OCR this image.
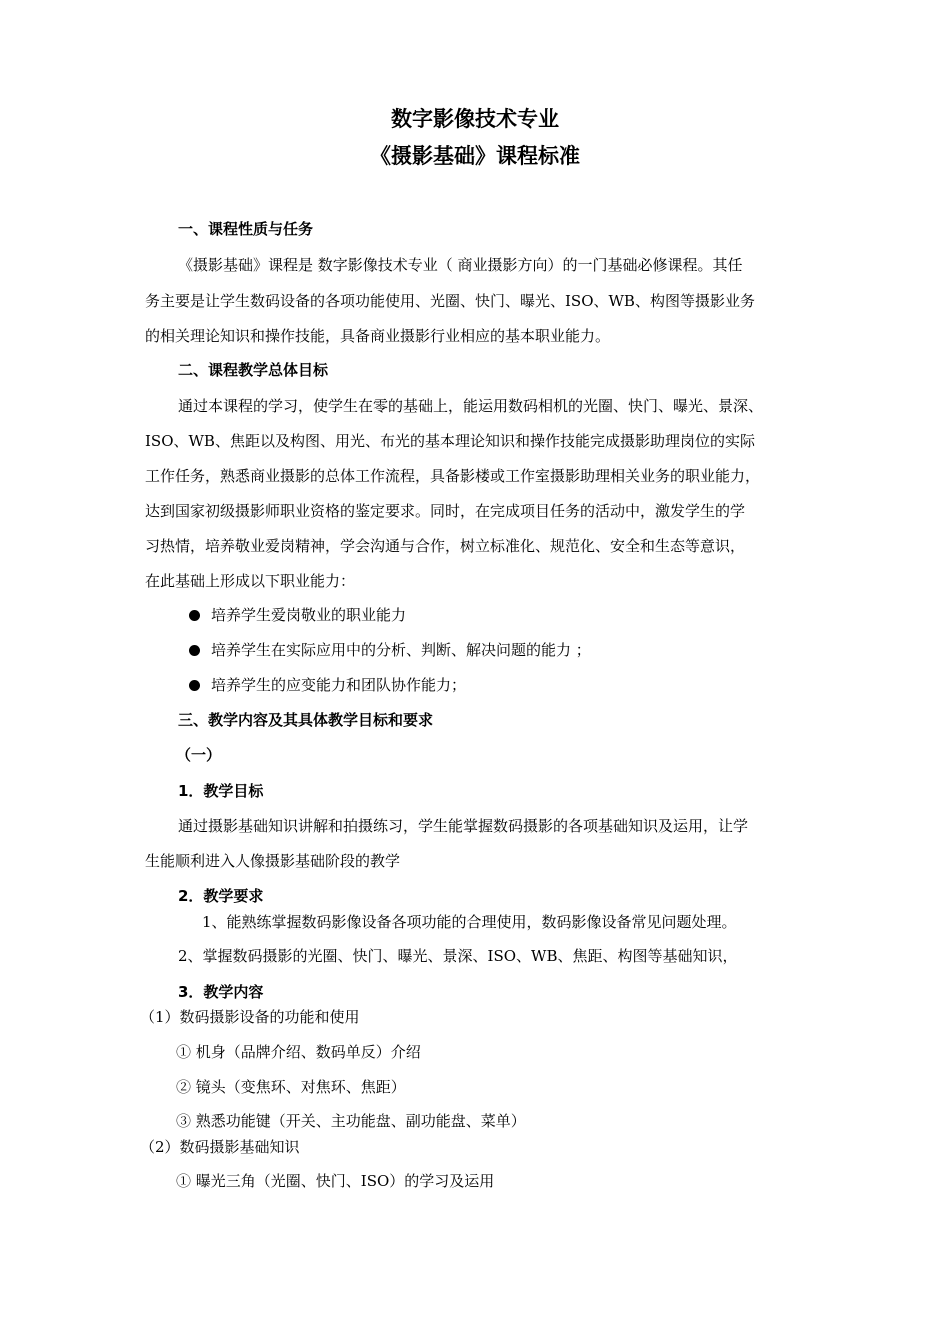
数字影像技术专业
《摄影基础》课程标准
一、课程性质与任务
《摄影基础》课程是 数字影像技术专业（ 商业摄影方向）的一门基础必修课程。其任
务主要是让学生数码设备的各项功能使用、光圈、快门、曝光、ISO、WB、构图等摄影业务
的相关理论知识和操作技能，具备商业摄影行业相应的基本职业能力。
二、课程教学总体目标
通过本课程的学习，使学生在零的基础上，能运用数码相机的光圈、快门、曝光、景深、
ISO、WB、焦距以及构图、用光、布光的基本理论知识和操作技能完成摄影助理岗位的实际
工作任务，熟悉商业摄影的总体工作流程，具备影楼或工作室摄影助理相关业务的职业能力，
达到国家初级摄影师职业资格的鉴定要求。同时，在完成项目任务的活动中，激发学生的学
习热情，培养敬业爱岗精神，学会沟通与合作，树立标准化、规范化、安全和生态等意识，
在此基础上形成以下职业能力：
培养学生爱岗敬业的职业能力
培养学生在实际应用中的分析、判断、解决问题的能力 ；
培养学生的应变能力和团队协作能力；
三、教学内容及其具体教学目标和要求
（一）
1．教学目标
通过摄影基础知识讲解和拍摄练习，学生能掌握数码摄影的各项基础知识及运用，让学
生能顺利进入人像摄影基础阶段的教学
2．教学要求
1、能熟练掌握数码影像设备各项功能的合理使用，数码影像设备常见问题处理。
2、掌握数码摄影的光圈、快门、曝光、景深、ISO、WB、焦距、构图等基础知识，
3．教学内容
（1）数码摄影设备的功能和使用
① 机身（品牌介绍、数码单反）介绍
② 镜头（变焦环、对焦环、焦距）
③ 熟悉功能键（开关、主功能盘、副功能盘、菜单）
（2）数码摄影基础知识
① 曝光三角（光圈、快门、ISO）的学习及运用
